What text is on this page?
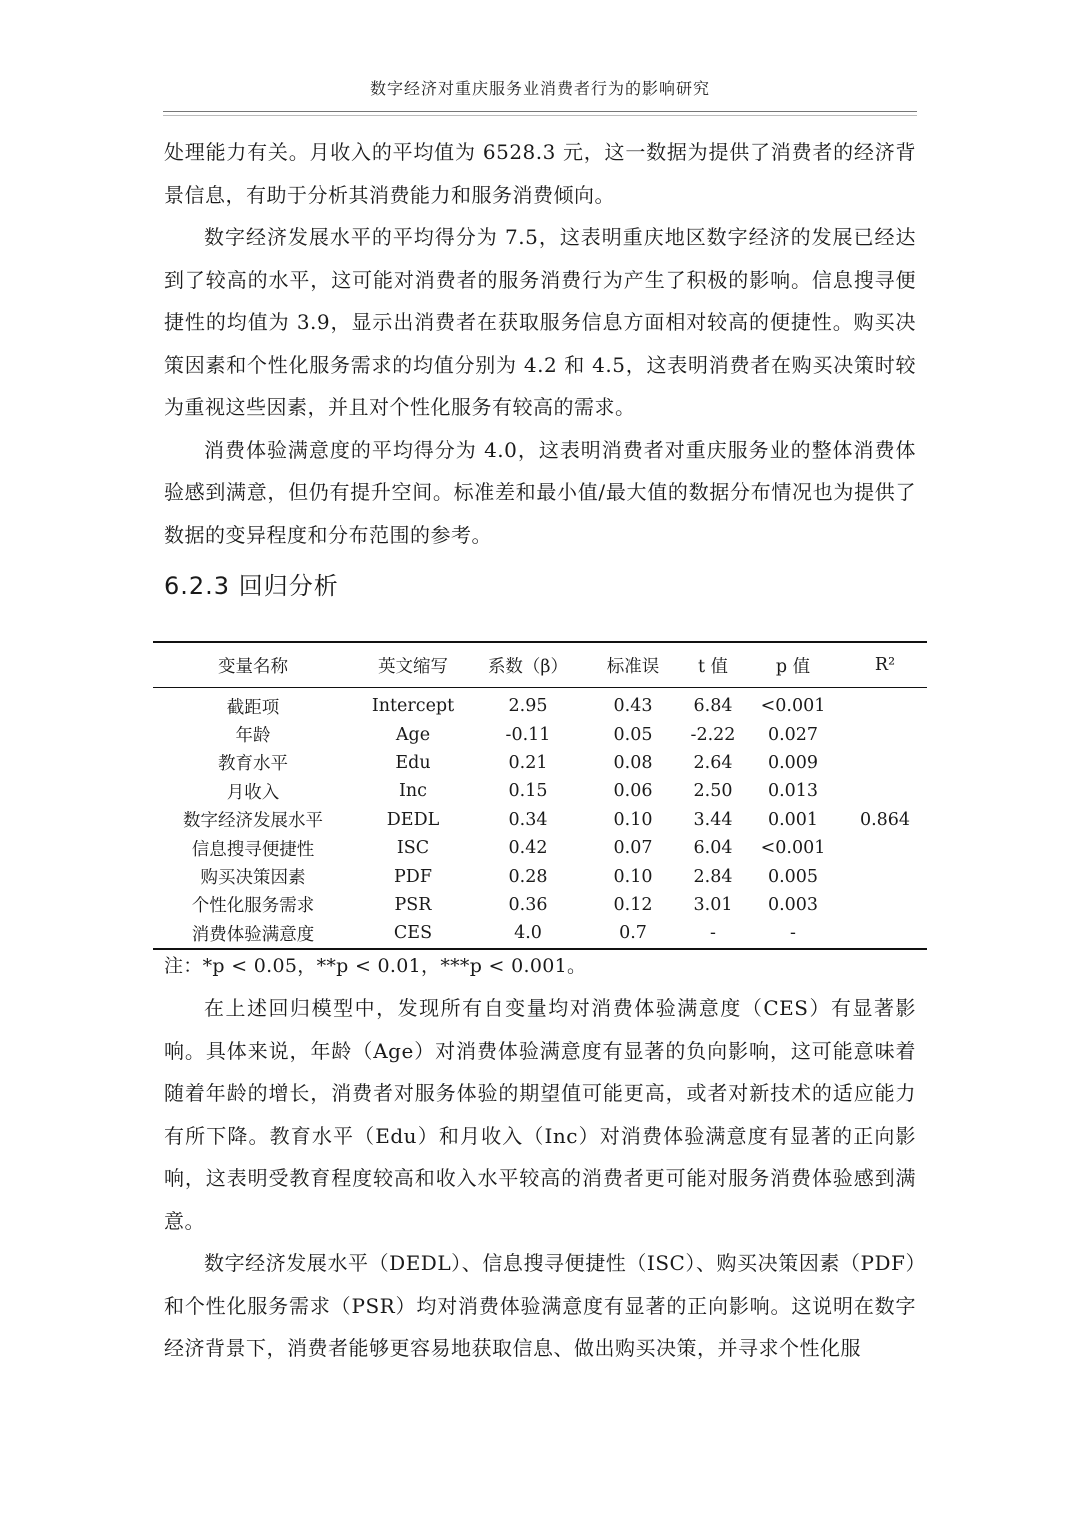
数字经济对重庆服务业消费者行为的影响研究

处理能力有关。月收入的平均值为 6528.3 元，这一数据为提供了消费者的经济背景信息，有助于分析其消费能力和服务消费倾向。

数字经济发展水平的平均得分为 7.5，这表明重庆地区数字经济的发展已经达到了较高的水平，这可能对消费者的服务消费行为产生了积极的影响。信息搜寻便捷性的均值为 3.9，显示出消费者在获取服务信息方面相对较高的便捷性。购买决策因素和个性化服务需求的均值分别为 4.2 和 4.5，这表明消费者在购买决策时较为重视这些因素，并且对个性化服务有较高的需求。

消费体验满意度的平均得分为 4.0，这表明消费者对重庆服务业的整体消费体验感到满意，但仍有提升空间。标准差和最小值/最大值的数据分布情况也为提供了数据的变异程度和分布范围的参考。

6.2.3 回归分析
变量名称	英文缩写	系数（β）	标准误	t 值	p 值	R²
截距项	Intercept	2.95	0.43	6.84	<0.001	
年龄	Age	-0.11	0.05	-2.22	0.027	
教育水平	Edu	0.21	0.08	2.64	0.009	
月收入	Inc	0.15	0.06	2.50	0.013	
数字经济发展水平	DEDL	0.34	0.10	3.44	0.001	0.864
信息搜寻便捷性	ISC	0.42	0.07	6.04	<0.001	
购买决策因素	PDF	0.28	0.10	2.84	0.005	
个性化服务需求	PSR	0.36	0.12	3.01	0.003	
消费体验满意度	CES	4.0	0.7	-	-	

注：*p < 0.05，**p < 0.01，***p < 0.001。

在上述回归模型中，发现所有自变量均对消费体验满意度（CES）有显著影响。具体来说，年龄（Age）对消费体验满意度有显著的负向影响，这可能意味着随着年龄的增长，消费者对服务体验的期望值可能更高，或者对新技术的适应能力有所下降。教育水平（Edu）和月收入（Inc）对消费体验满意度有显著的正向影响，这表明受教育程度较高和收入水平较高的消费者更可能对服务消费体验感到满意。

数字经济发展水平（DEDL）、信息搜寻便捷性（ISC）、购买决策因素（PDF）和个性化服务需求（PSR）均对消费体验满意度有显著的正向影响。这说明在数字经济背景下，消费者能够更容易地获取信息、做出购买决策，并寻求个性化服
